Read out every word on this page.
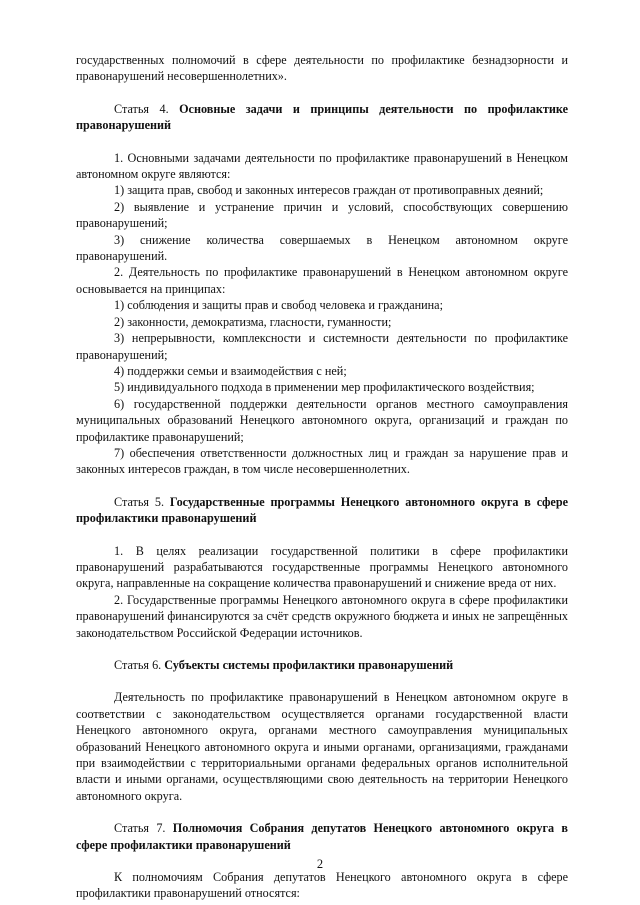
государственных полномочий в сфере деятельности по профилактике безнадзорности и правонарушений несовершеннолетних».

Статья 4. Основные задачи и принципы деятельности по профилактике правонарушений

1. Основными задачами деятельности по профилактике правонарушений в Ненецком автономном округе являются:

1) защита прав, свобод и законных интересов граждан от противоправных деяний;

2) выявление и устранение причин и условий, способствующих совершению правонарушений;

3) снижение количества совершаемых в Ненецком автономном округе правонарушений.

2. Деятельность по профилактике правонарушений в Ненецком автономном округе основывается на принципах:

1) соблюдения и защиты прав и свобод человека и гражданина;

2) законности, демократизма, гласности, гуманности;

3) непрерывности, комплексности и системности деятельности по профилактике правонарушений;

4) поддержки семьи и взаимодействия с ней;

5) индивидуального подхода в применении мер профилактического воздействия;

6) государственной поддержки деятельности органов местного самоуправления муниципальных образований Ненецкого автономного округа, организаций и граждан по профилактике правонарушений;

7) обеспечения ответственности должностных лиц и граждан за нарушение прав и законных интересов граждан, в том числе несовершеннолетних.

Статья 5. Государственные программы Ненецкого автономного округа в сфере профилактики правонарушений

1. В целях реализации государственной политики в сфере профилактики правонарушений разрабатываются государственные программы Ненецкого автономного округа, направленные на сокращение количества правонарушений и снижение вреда от них.

2. Государственные программы Ненецкого автономного округа в сфере профилактики правонарушений финансируются за счёт средств окружного бюджета и иных не запрещённых законодательством Российской Федерации источников.

Статья 6. Субъекты системы профилактики правонарушений

Деятельность по профилактике правонарушений в Ненецком автономном округе в соответствии с законодательством осуществляется органами государственной власти Ненецкого автономного округа, органами местного самоуправления муниципальных образований Ненецкого автономного округа и иными органами, организациями, гражданами при взаимодействии с территориальными органами федеральных органов исполнительной власти и иными органами, осуществляющими свою деятельность на территории Ненецкого автономного округа.

Статья 7. Полномочия Собрания депутатов Ненецкого автономного округа в сфере профилактики правонарушений

К полномочиям Собрания депутатов Ненецкого автономного округа в сфере профилактики правонарушений относятся:

2
